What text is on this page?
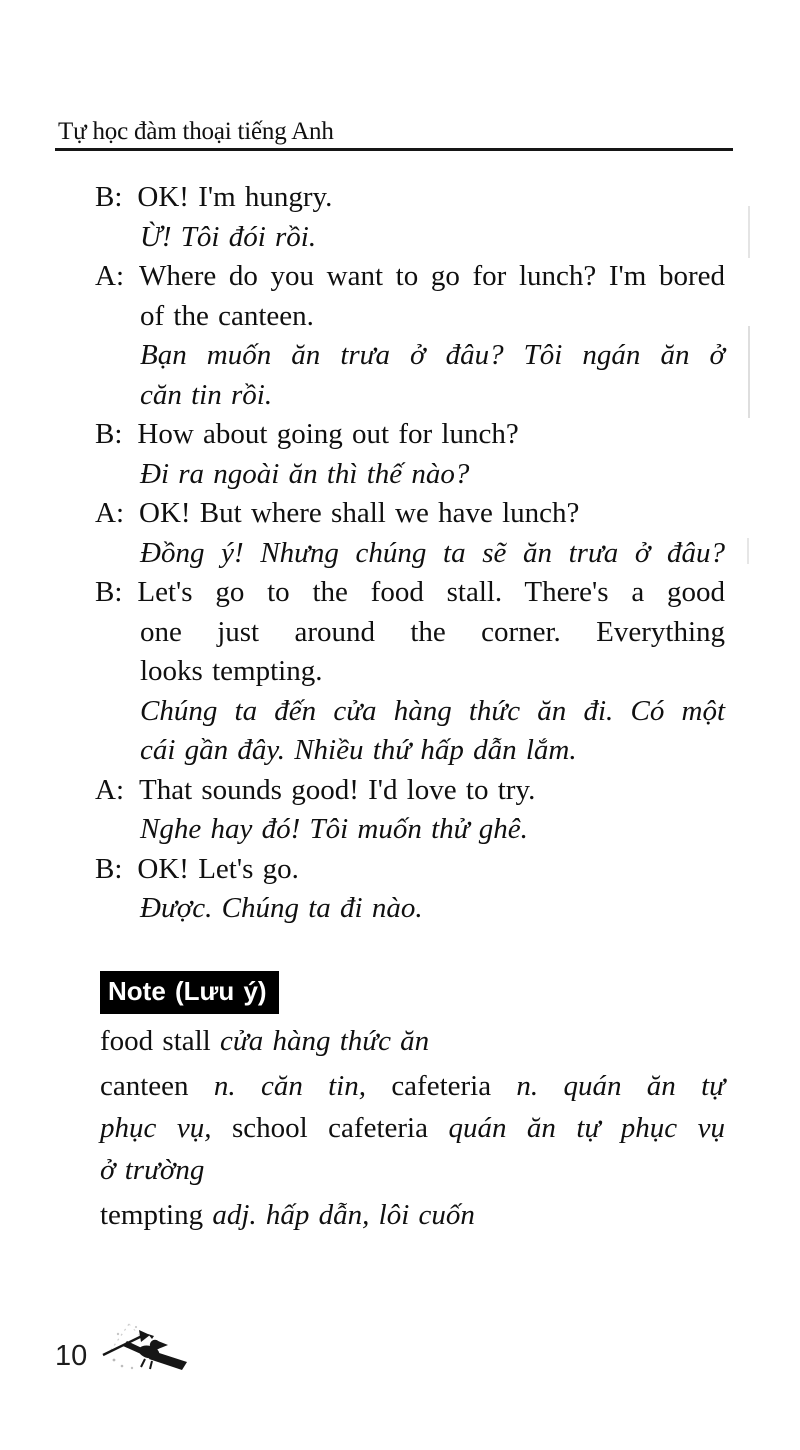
Tự học đàm thoại tiếng Anh
B: OK! I'm hungry.
Ừ! Tôi đói rồi.
A: Where do you want to go for lunch? I'm bored
of the canteen.
Bạn muốn ăn trưa ở đâu? Tôi ngán ăn ở
căn tin rồi.
B: How about going out for lunch?
Đi ra ngoài ăn thì thế nào?
A: OK! But where shall we have lunch?
Đồng ý! Nhưng chúng ta sẽ ăn trưa ở đâu?
B: Let's go to the food stall. There's a good
one just around the corner. Everything
looks tempting.
Chúng ta đến cửa hàng thức ăn đi. Có một
cái gần đây. Nhiều thứ hấp dẫn lắm.
A: That sounds good! I'd love to try.
Nghe hay đó! Tôi muốn thử ghê.
B: OK! Let's go.
Được. Chúng ta đi nào.
Note (Lưu ý)
food stall cửa hàng thức ăn
canteen n. căn tin, cafeteria n. quán ăn tự
phục vụ, school cafeteria quán ăn tự phục vụ
ở trường
tempting adj. hấp dẫn, lôi cuốn
10
